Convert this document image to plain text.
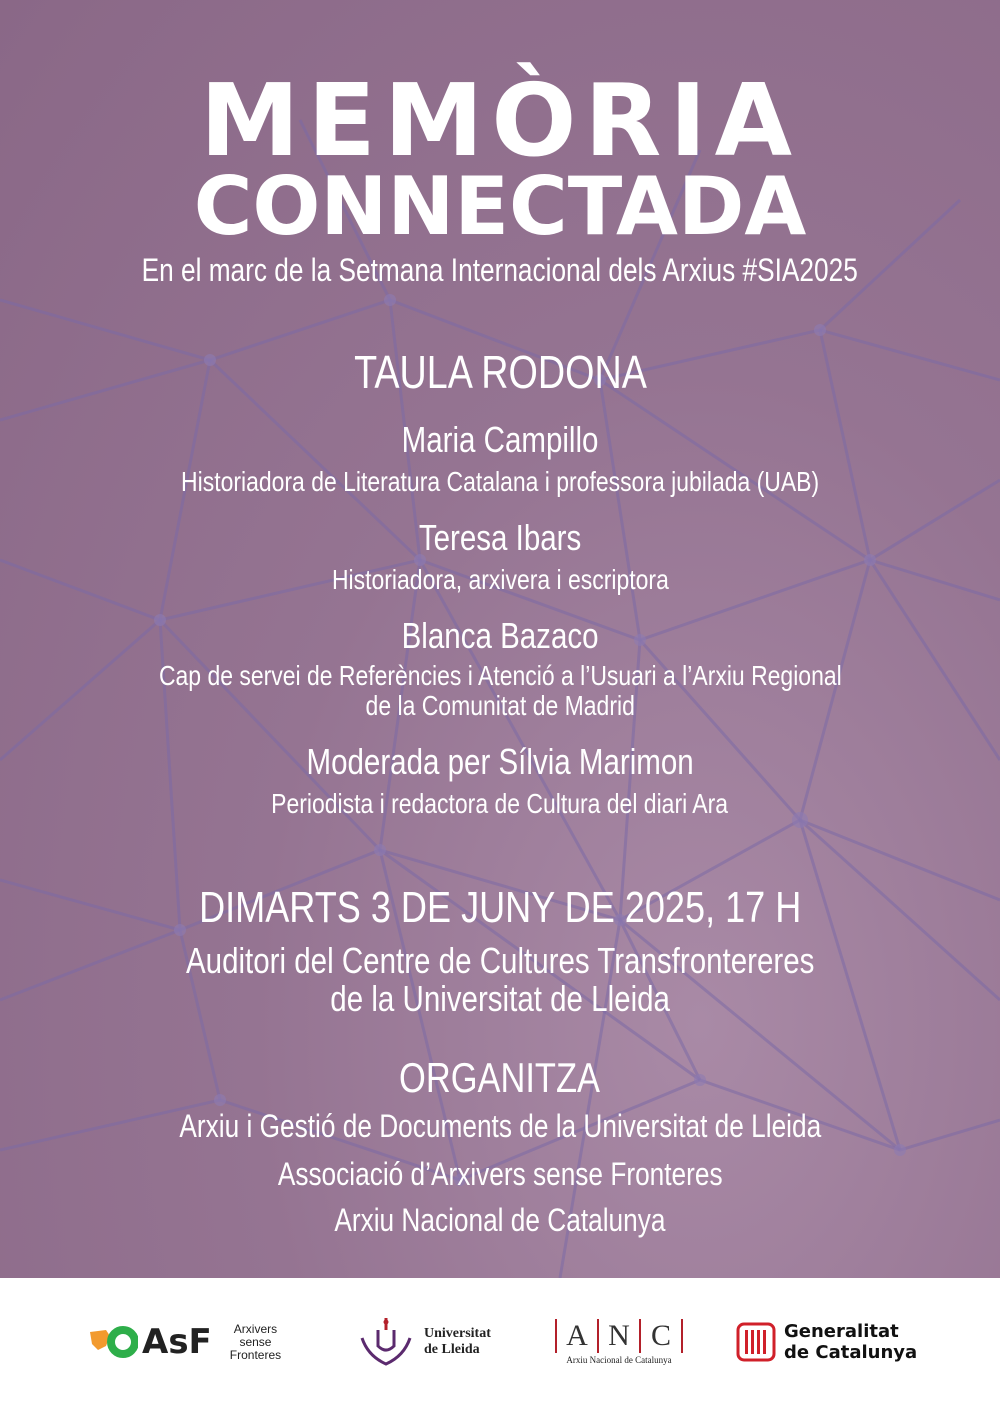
MEMÒRIA
CONNECTADA
En el marc de la Setmana Internacional dels Arxius #SIA2025
TAULA RODONA
Maria Campillo
Historiadora de Literatura Catalana i professora jubilada (UAB)
Teresa Ibars
Historiadora, arxivera i escriptora
Blanca Bazaco
Cap de servei de Referències i Atenció a l’Usuari a l’Arxiu Regional
de la Comunitat de Madrid
Moderada per Sílvia Marimon
Periodista i redactora de Cultura del diari Ara
DIMARTS 3 DE JUNY DE 2025, 17 H
Auditori del Centre de Cultures Transfrontereres
de la Universitat de Lleida
ORGANITZA
Arxiu i Gestió de Documents de la Universitat de Lleida
Associació d’Arxivers sense Fronteres
Arxiu Nacional de Catalunya
AsF	Arxivers
sense
Fronteres
Universitat
de Lleida	A N C
Arxiu Nacional de Catalunya
Generalitat
de Catalunya
